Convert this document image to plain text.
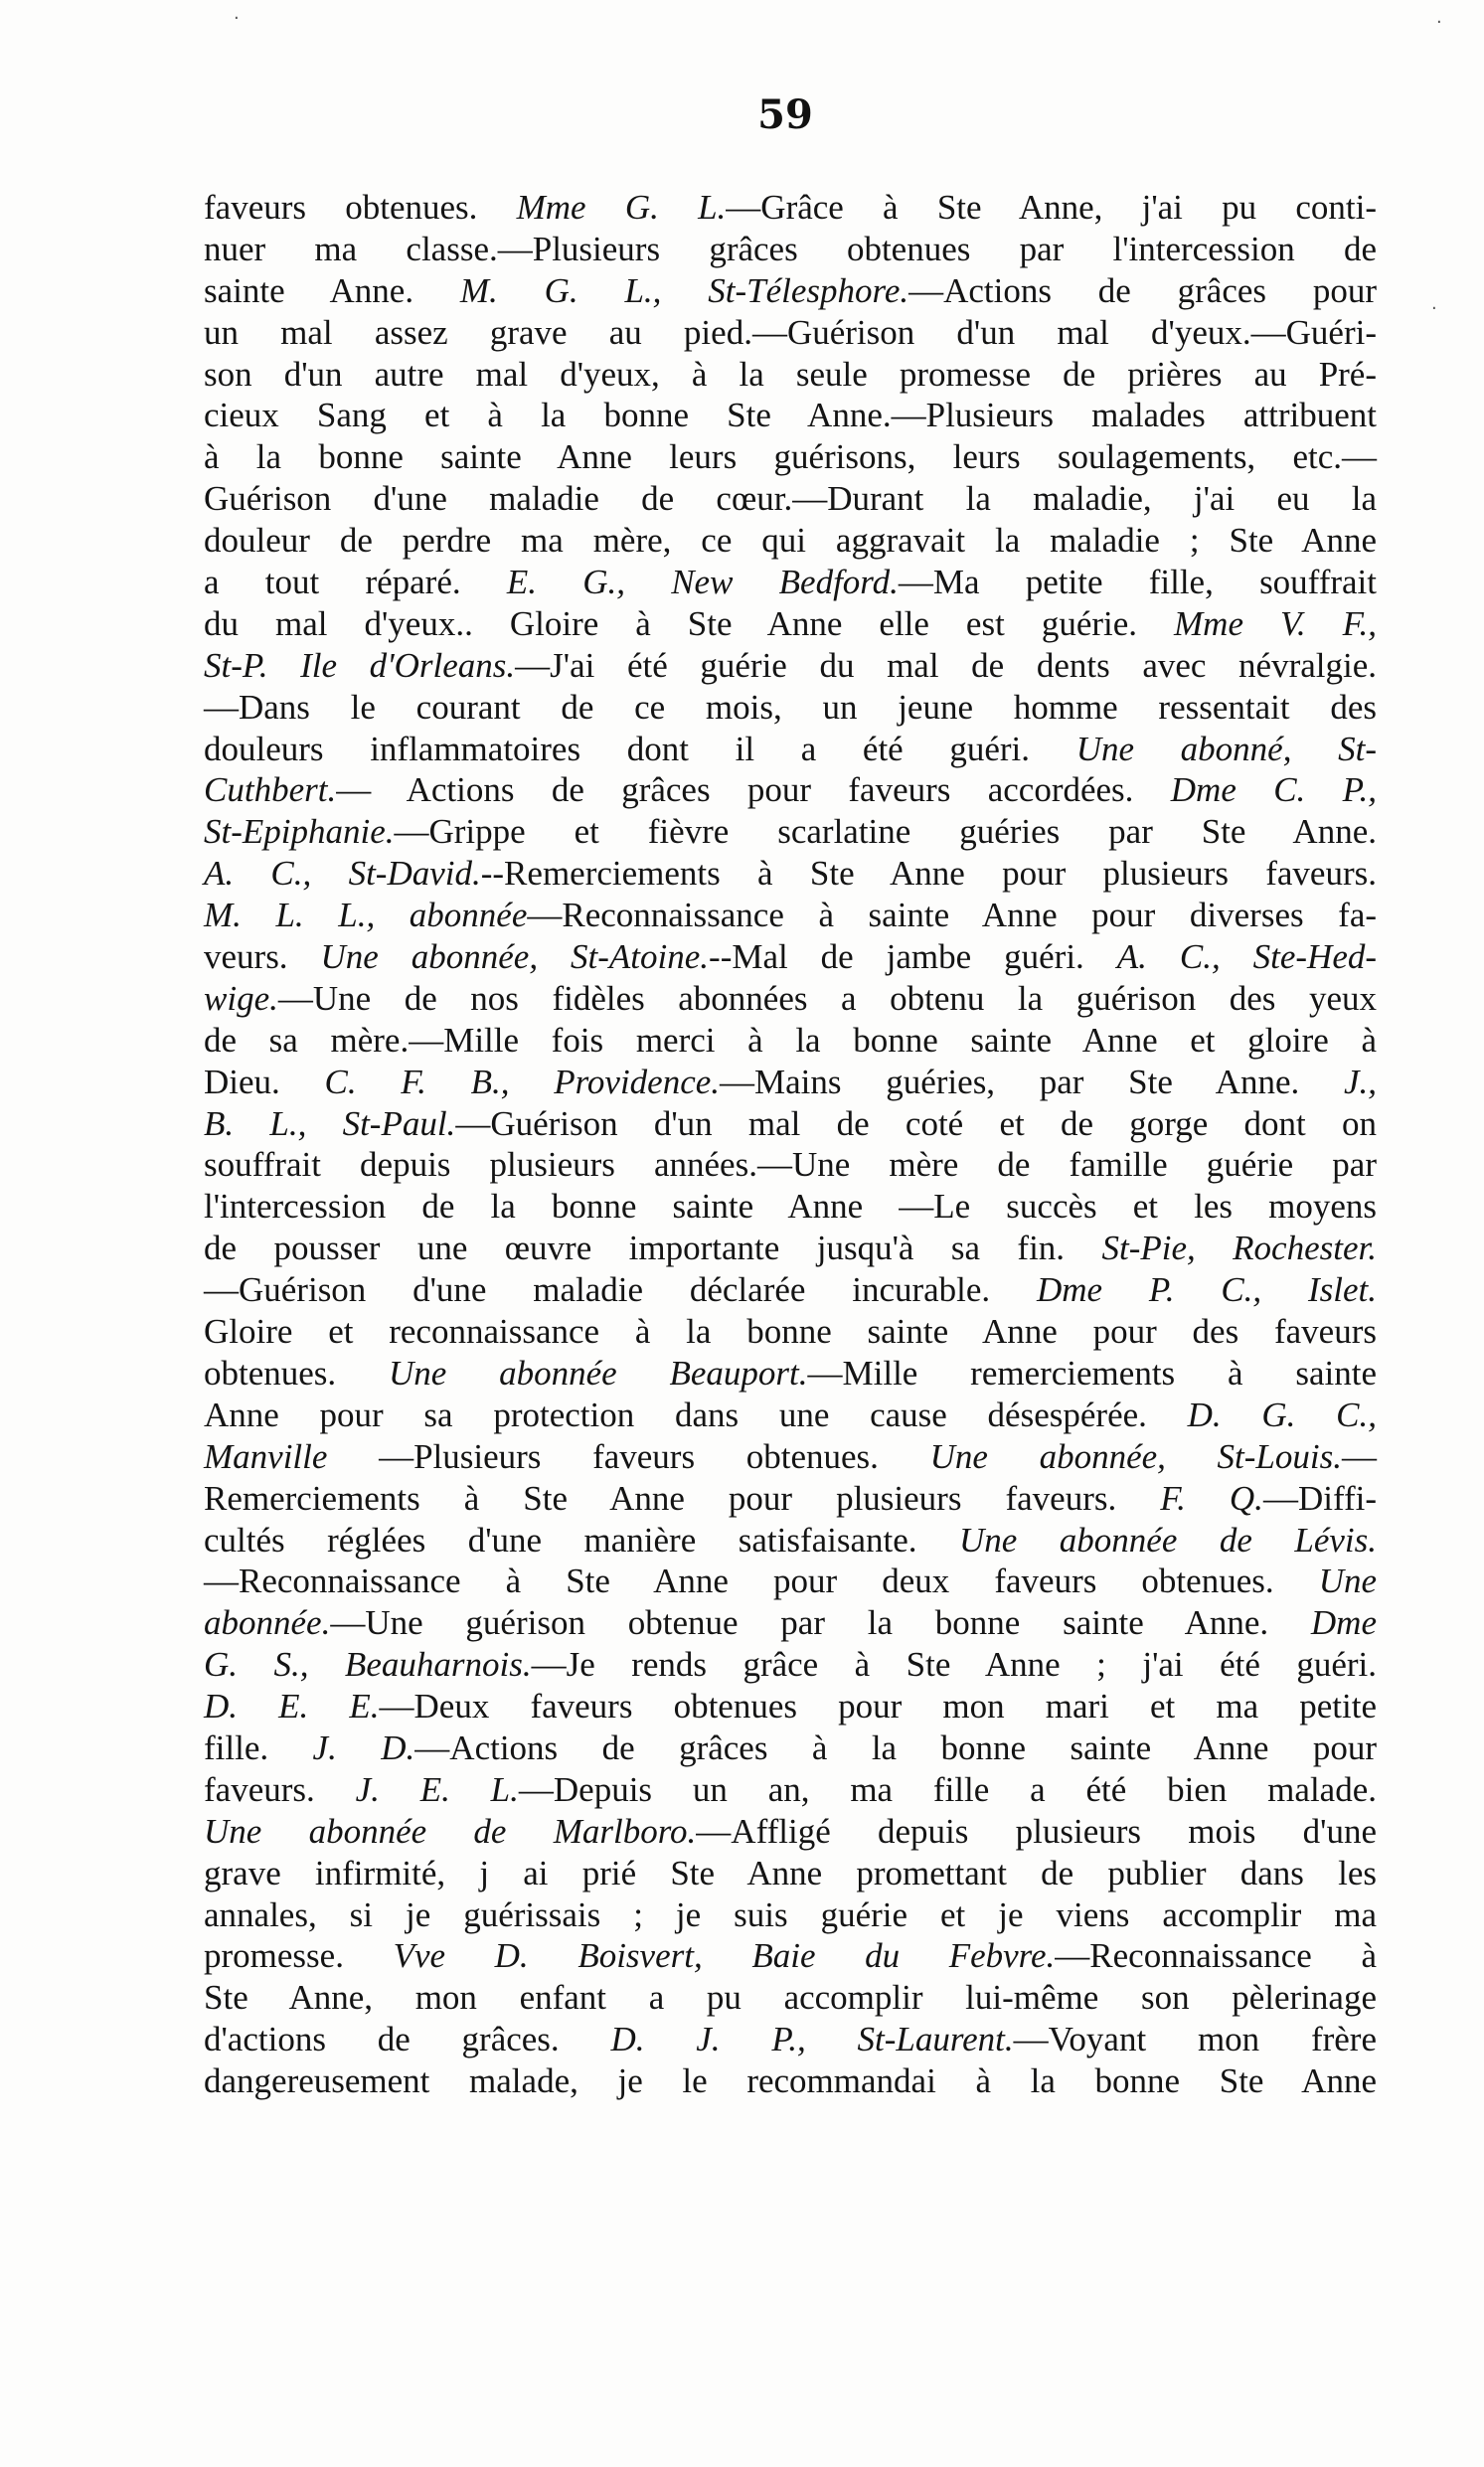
·	·
·
59
faveurs obtenues. Mme G. L.—Grâce à Ste Anne, j'ai pu conti-
nuer ma classe.—Plusieurs grâces obtenues par l'intercession de
sainte Anne. M. G. L., St-Télesphore.—Actions de grâces pour
un mal assez grave au pied.—Guérison d'un mal d'yeux.—Guéri-
son d'un autre mal d'yeux, à la seule promesse de prières au Pré-
cieux Sang et à la bonne Ste Anne.—Plusieurs malades attribuent
à la bonne sainte Anne leurs guérisons, leurs soulagements, etc.—
Guérison d'une maladie de cœur.—Durant la maladie, j'ai eu la
douleur de perdre ma mère, ce qui aggravait la maladie ; Ste Anne
a tout réparé. E. G., New Bedford.—Ma petite fille, souffrait
du mal d'yeux.. Gloire à Ste Anne elle est guérie. Mme V. F.,
St-P. Ile d'Orleans.—J'ai été guérie du mal de dents avec névralgie.
—Dans le courant de ce mois, un jeune homme ressentait des
douleurs inflammatoires dont il a été guéri. Une abonné, St-
Cuthbert.— Actions de grâces pour faveurs accordées. Dme C. P.,
St-Epiphanie.—Grippe et fièvre scarlatine guéries par Ste Anne.
A. C., St-David.--Remerciements à Ste Anne pour plusieurs faveurs.
M. L. L., abonnée—Reconnaissance à sainte Anne pour diverses fa-
veurs. Une abonnée, St-Atoine.--Mal de jambe guéri. A. C., Ste-Hed-
wige.—Une de nos fidèles abonnées a obtenu la guérison des yeux
de sa mère.—Mille fois merci à la bonne sainte Anne et gloire à
Dieu. C. F. B., Providence.—Mains guéries, par Ste Anne. J.,
B. L., St-Paul.—Guérison d'un mal de coté et de gorge dont on
souffrait depuis plusieurs années.—Une mère de famille guérie par
l'intercession de la bonne sainte Anne —Le succès et les moyens
de pousser une œuvre importante jusqu'à sa fin. St-Pie, Rochester.
—Guérison d'une maladie déclarée incurable. Dme P. C., Islet.
Gloire et reconnaissance à la bonne sainte Anne pour des faveurs
obtenues. Une abonnée Beauport.—Mille remerciements à sainte
Anne pour sa protection dans une cause désespérée. D. G. C.,
Manville —Plusieurs faveurs obtenues. Une abonnée, St-Louis.—
Remerciements à Ste Anne pour plusieurs faveurs. F. Q.—Diffi-
cultés réglées d'une manière satisfaisante. Une abonnée de Lévis.
—Reconnaissance à Ste Anne pour deux faveurs obtenues. Une
abonnée.—Une guérison obtenue par la bonne sainte Anne. Dme
G. S., Beauharnois.—Je rends grâce à Ste Anne ; j'ai été guéri.
D. E. E.—Deux faveurs obtenues pour mon mari et ma petite
fille. J. D.—Actions de grâces à la bonne sainte Anne pour
faveurs. J. E. L.—Depuis un an, ma fille a été bien malade.
Une abonnée de Marlboro.—Affligé depuis plusieurs mois d'une
grave infirmité, j ai prié Ste Anne promettant de publier dans les
annales, si je guérissais ; je suis guérie et je viens accomplir ma
promesse. Vve D. Boisvert, Baie du Febvre.—Reconnaissance à
Ste Anne, mon enfant a pu accomplir lui-même son pèlerinage
d'actions de grâces. D. J. P., St-Laurent.—Voyant mon frère
dangereusement malade, je le recommandai à la bonne Ste Anne
